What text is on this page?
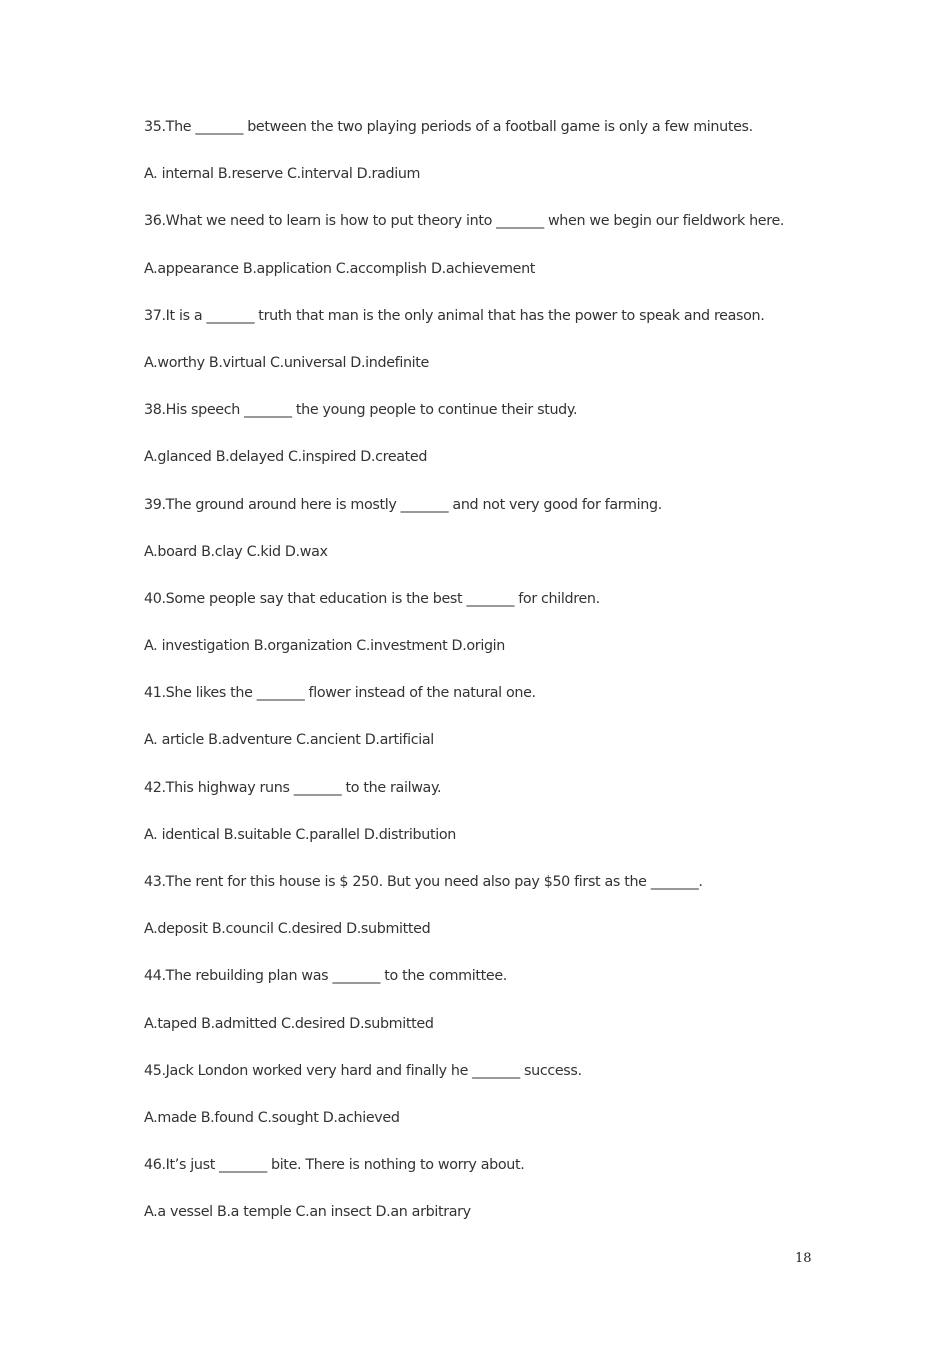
35.The _______ between the two playing periods of a football game is only a few minutes.
A. internal B.reserve C.interval D.radium
36.What we need to learn is how to put theory into _______ when we begin our fieldwork here.
A.appearance B.application C.accomplish D.achievement
37.It is a _______ truth that man is the only animal that has the power to speak and reason.
A.worthy B.virtual C.universal D.indefinite
38.His speech _______ the young people to continue their study.
A.glanced B.delayed C.inspired D.created
39.The ground around here is mostly _______ and not very good for farming.
A.board B.clay C.kid D.wax
40.Some people say that education is the best _______ for children.
A. investigation B.organization C.investment D.origin
41.She likes the _______ flower instead of the natural one.
A. article B.adventure C.ancient D.artificial
42.This highway runs _______ to the railway.
A. identical B.suitable C.parallel D.distribution
43.The rent for this house is $ 250. But you need also pay $50 first as the _______.
A.deposit B.council C.desired D.submitted
44.The rebuilding plan was _______ to the committee.
A.taped B.admitted C.desired D.submitted
45.Jack London worked very hard and finally he _______ success.
A.made B.found C.sought D.achieved
46.It’s just _______ bite. There is nothing to worry about.
A.a vessel B.a temple C.an insect D.an arbitrary
18
